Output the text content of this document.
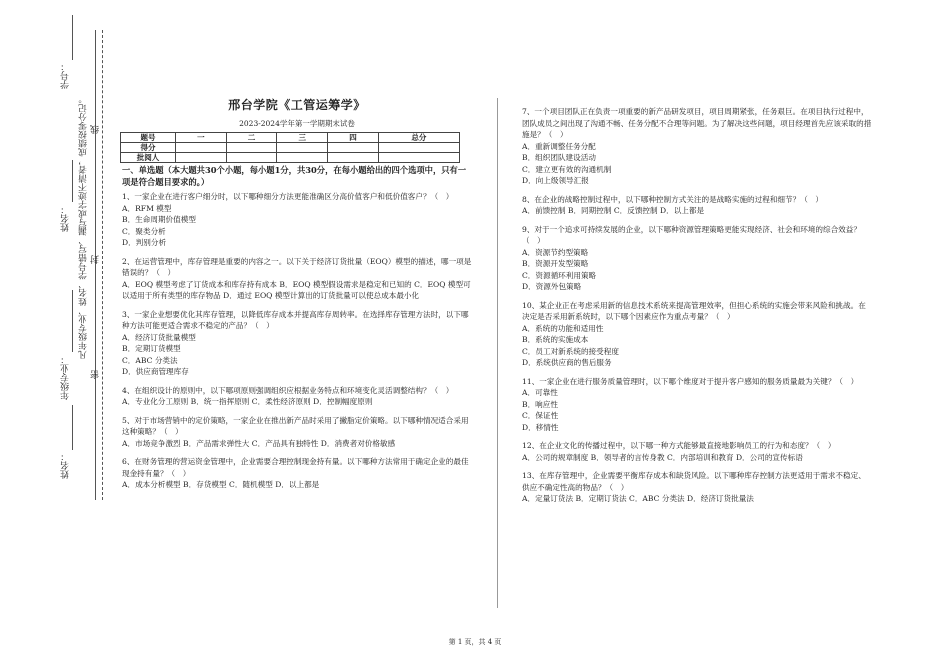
学号：
姓名：
年级专业：
姓名：
凡年级专业、姓名、学号错写、漏写或字迹不清者，成绩按零分记。
密
封
线
邢台学院《工管运筹学》
2023-2024学年第一学期期末试卷
题号	一	二	三	四	总分
得分					
批阅人					
一、单选题（本大题共30个小题，每小题1分，共30分，在每小题给出的四个选项中，只有一项是符合题目要求的。）
1、一家企业在进行客户细分时，以下哪种细分方法更能准确区分高价值客户和低价值客户？（　）
A．RFM 模型
B．生命周期价值模型
C．聚类分析
D．判别分析
2、在运营管理中，库存管理是重要的内容之一。以下关于经济订货批量（EOQ）模型的描述，哪一项是错误的？（　）
A．EOQ 模型考虑了订货成本和库存持有成本 B．EOQ 模型假设需求是稳定和已知的 C．EOQ 模型可以适用于所有类型的库存物品 D．通过 EOQ 模型计算出的订货批量可以使总成本最小化
3、一家企业想要优化其库存管理，以降低库存成本并提高库存周转率。在选择库存管理方法时，以下哪种方法可能更适合需求不稳定的产品？（　）
A．经济订货批量模型
B．定期订货模型
C．ABC 分类法
D．供应商管理库存
4、在组织设计的原则中，以下哪项原则强调组织应根据业务特点和环境变化灵活调整结构？（　）
A．专业化分工原则 B．统一指挥原则 C．柔性经济原则 D．控制幅度原则
5、对于市场营销中的定价策略，一家企业在推出新产品时采用了撇脂定价策略。以下哪种情况适合采用这种策略？（　）
A．市场竞争激烈 B．产品需求弹性大 C．产品具有独特性 D．消费者对价格敏感
6、在财务管理的营运资金管理中，企业需要合理控制现金持有量。以下哪种方法常用于确定企业的最佳现金持有量？（　）
A．成本分析模型 B．存货模型 C．随机模型 D．以上都是
7、一个项目团队正在负责一项重要的新产品研发项目，项目周期紧张，任务艰巨。在项目执行过程中，团队成员之间出现了沟通不畅、任务分配不合理等问题。为了解决这些问题，项目经理首先应该采取的措施是？（　）
A．重新调整任务分配
B．组织团队建设活动
C．建立更有效的沟通机制
D．向上级领导汇报
8、在企业的战略控制过程中，以下哪种控制方式关注的是战略实施的过程和细节？（　）
A．前馈控制 B．同期控制 C．反馈控制 D．以上都是
9、对于一个追求可持续发展的企业，以下哪种资源管理策略更能实现经济、社会和环境的综合效益？（　）
A．资源节约型策略
B．资源开发型策略
C．资源循环利用策略
D．资源外包策略
10、某企业正在考虑采用新的信息技术系统来提高管理效率，但担心系统的实施会带来风险和挑战。在决定是否采用新系统时，以下哪个因素应作为重点考量？（　）
A．系统的功能和适用性
B．系统的实施成本
C．员工对新系统的接受程度
D．系统供应商的售后服务
11、一家企业在进行服务质量管理时，以下哪个维度对于提升客户感知的服务质量最为关键？（　）
A．可靠性
B．响应性
C．保证性
D．移情性
12、在企业文化的传播过程中，以下哪一种方式能够最直接地影响员工的行为和态度？（　）
A．公司的规章制度 B．领导者的言传身教 C．内部培训和教育 D．公司的宣传标语
13、在库存管理中，企业需要平衡库存成本和缺货风险。以下哪种库存控制方法更适用于需求不稳定、供应不确定性高的物品？（　）
A．定量订货法 B．定期订货法 C．ABC 分类法 D．经济订货批量法
第 1 页，共 4 页
